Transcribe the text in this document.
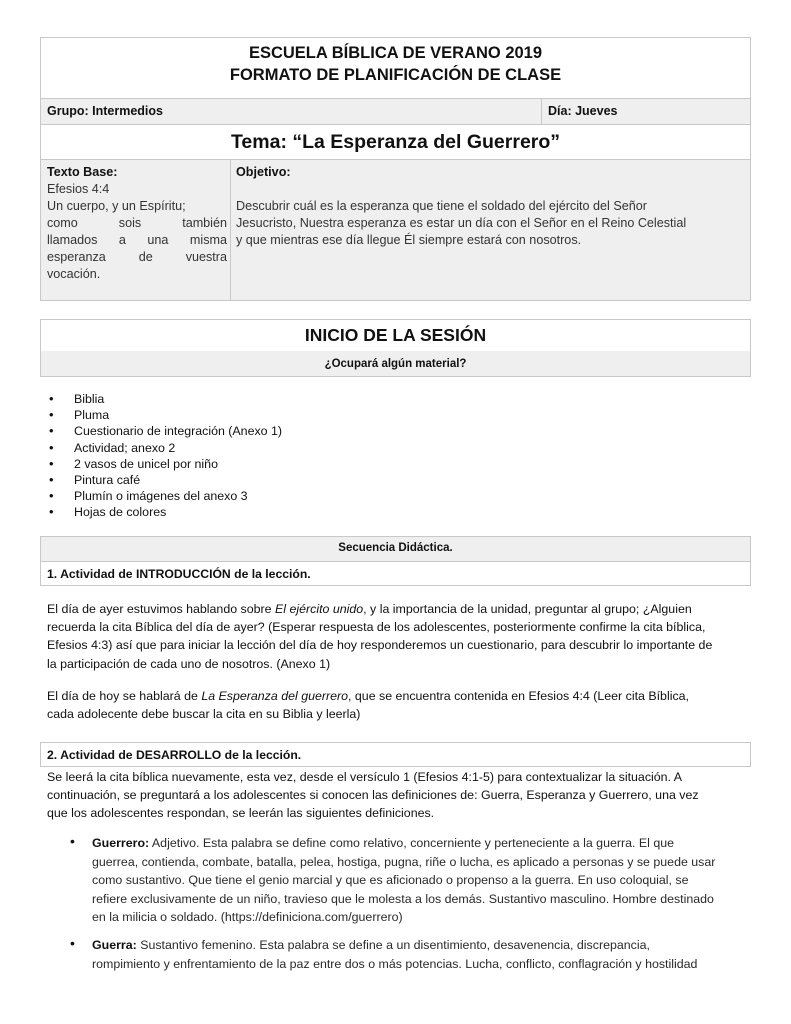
ESCUELA BÍBLICA DE VERANO 2019
FORMATO DE PLANIFICACIÓN DE CLASE
Grupo: Intermedios	Día: Jueves
Tema: “La Esperanza del Guerrero”
Texto Base:
Efesios 4:4
Un cuerpo, y un Espíritu;
como sois también
llamados a una misma
esperanza de vuestra
vocación.
Objetivo:
Descubrir cuál es la esperanza que tiene el soldado del ejército del Señor
Jesucristo, Nuestra esperanza es estar un día con el Señor en el Reino Celestial
y que mientras ese día llegue Él siempre estará con nosotros.
INICIO DE LA SESIÓN
¿Ocupará algún material?
• Biblia
• Pluma
• Cuestionario de integración (Anexo 1)
• Actividad; anexo 2
• 2 vasos de unicel por niño
• Pintura café
• Plumín o imágenes del anexo 3
• Hojas de colores
Secuencia Didáctica.
1. Actividad de INTRODUCCIÓN de la lección.
El día de ayer estuvimos hablando sobre El ejército unido, y la importancia de la unidad, preguntar al grupo; ¿Alguien
recuerda la cita Bíblica del día de ayer? (Esperar respuesta de los adolescentes, posteriormente confirme la cita bíblica,
Efesios 4:3) así que para iniciar la lección del día de hoy responderemos un cuestionario, para descubrir lo importante de
la participación de cada uno de nosotros. (Anexo 1)
El día de hoy se hablará de La Esperanza del guerrero, que se encuentra contenida en Efesios 4:4 (Leer cita Bíblica,
cada adolecente debe buscar la cita en su Biblia y leerla)
2. Actividad de DESARROLLO de la lección.
Se leerá la cita bíblica nuevamente, esta vez, desde el versículo 1 (Efesios 4:1-5) para contextualizar la situación. A
continuación, se preguntará a los adolescentes si conocen las definiciones de: Guerra, Esperanza y Guerrero, una vez
que los adolescentes respondan, se leerán las siguientes definiciones.
• Guerrero: Adjetivo. Esta palabra se define como relativo, concerniente y perteneciente a la guerra. El que
guerrea, contienda, combate, batalla, pelea, hostiga, pugna, riñe o lucha, es aplicado a personas y se puede usar
como sustantivo. Que tiene el genio marcial y que es aficionado o propenso a la guerra. En uso coloquial, se
refiere exclusivamente de un niño, travieso que le molesta a los demás. Sustantivo masculino. Hombre destinado
en la milicia o soldado. (https://definiciona.com/guerrero)
• Guerra: Sustantivo femenino. Esta palabra se define a un disentimiento, desavenencia, discrepancia,
rompimiento y enfrentamiento de la paz entre dos o más potencias. Lucha, conflicto, conflagración y hostilidad
